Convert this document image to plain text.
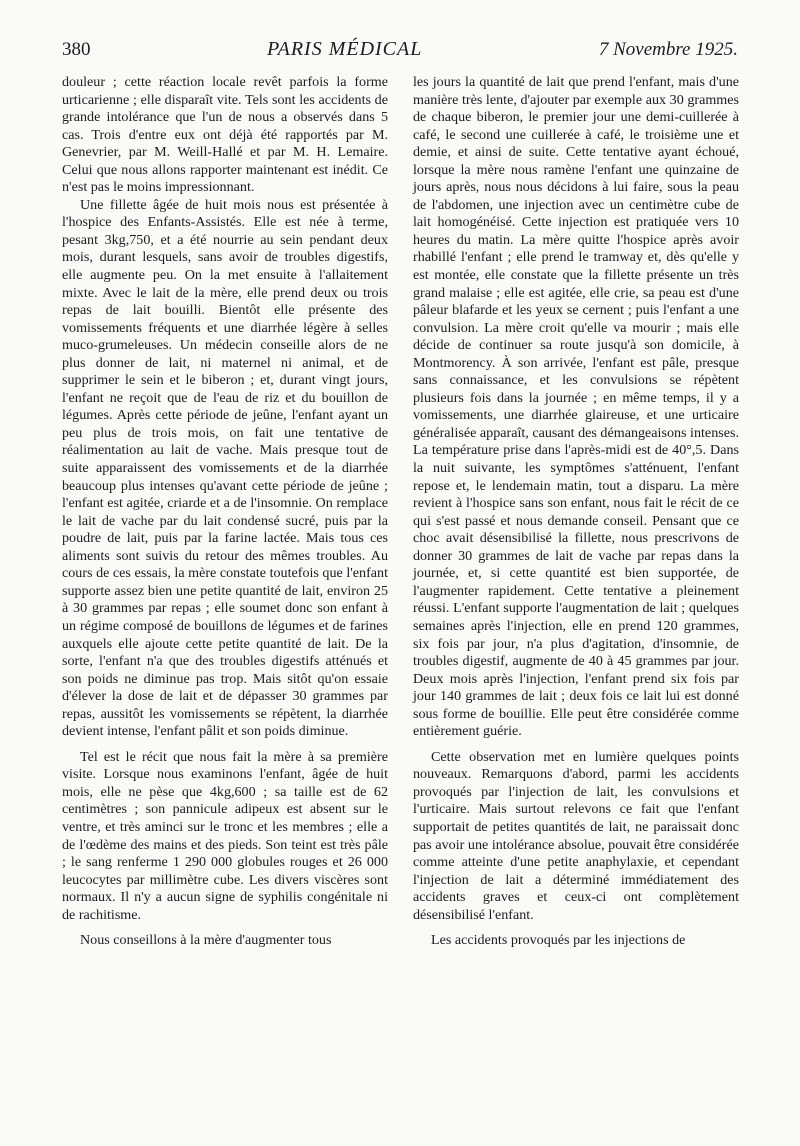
380	PARIS MÉDICAL	7 Novembre 1925.

douleur ; cette réaction locale revêt parfois la forme urticarienne ; elle disparaît vite. Tels sont les accidents de grande intolérance que l'un de nous a observés dans 5 cas. Trois d'entre eux ont déjà été rapportés par M. Genevrier, par M. Weill-Hallé et par M. H. Lemaire. Celui que nous allons rapporter maintenant est inédit. Ce n'est pas le moins impressionnant.

Une fillette âgée de huit mois nous est présentée à l'hospice des Enfants-Assistés. Elle est née à terme, pesant 3kg,750, et a été nourrie au sein pendant deux mois, durant lesquels, sans avoir de troubles digestifs, elle augmente peu. On la met ensuite à l'allaitement mixte. Avec le lait de la mère, elle prend deux ou trois repas de lait bouilli. Bientôt elle présente des vomissements fréquents et une diarrhée légère à selles muco-grumeleuses. Un médecin conseille alors de ne plus donner de lait, ni maternel ni animal, et de supprimer le sein et le biberon ; et, durant vingt jours, l'enfant ne reçoit que de l'eau de riz et du bouillon de légumes. Après cette période de jeûne, l'enfant ayant un peu plus de trois mois, on fait une tentative de réalimentation au lait de vache. Mais presque tout de suite apparaissent des vomissements et de la diarrhée beaucoup plus intenses qu'avant cette période de jeûne ; l'enfant est agitée, criarde et a de l'insomnie. On remplace le lait de vache par du lait condensé sucré, puis par la poudre de lait, puis par la farine lactée. Mais tous ces aliments sont suivis du retour des mêmes troubles. Au cours de ces essais, la mère constate toutefois que l'enfant supporte assez bien une petite quantité de lait, environ 25 à 30 grammes par repas ; elle soumet donc son enfant à un régime composé de bouillons de légumes et de farines auxquels elle ajoute cette petite quantité de lait. De la sorte, l'enfant n'a que des troubles digestifs atténués et son poids ne diminue pas trop. Mais sitôt qu'on essaie d'élever la dose de lait et de dépasser 30 grammes par repas, aussitôt les vomissements se répètent, la diarrhée devient intense, l'enfant pâlit et son poids diminue.

Tel est le récit que nous fait la mère à sa première visite. Lorsque nous examinons l'enfant, âgée de huit mois, elle ne pèse que 4kg,600 ; sa taille est de 62 centimètres ; son pannicule adipeux est absent sur le ventre, et très aminci sur le tronc et les membres ; elle a de l'œdème des mains et des pieds. Son teint est très pâle ; le sang renferme 1 290 000 globules rouges et 26 000 leucocytes par millimètre cube. Les divers viscères sont normaux. Il n'y a aucun signe de syphilis congénitale ni de rachitisme.

Nous conseillons à la mère d'augmenter tous

les jours la quantité de lait que prend l'enfant, mais d'une manière très lente, d'ajouter par exemple aux 30 grammes de chaque biberon, le premier jour une demi-cuillerée à café, le second une cuillerée à café, le troisième une et demie, et ainsi de suite. Cette tentative ayant échoué, lorsque la mère nous ramène l'enfant une quinzaine de jours après, nous nous décidons à lui faire, sous la peau de l'abdomen, une injection avec un centimètre cube de lait homogénéisé. Cette injection est pratiquée vers 10 heures du matin. La mère quitte l'hospice après avoir rhabillé l'enfant ; elle prend le tramway et, dès qu'elle y est montée, elle constate que la fillette présente un très grand malaise ; elle est agitée, elle crie, sa peau est d'une pâleur blafarde et les yeux se cernent ; puis l'enfant a une convulsion. La mère croit qu'elle va mourir ; mais elle décide de continuer sa route jusqu'à son domicile, à Montmorency. À son arrivée, l'enfant est pâle, presque sans connaissance, et les convulsions se répètent plusieurs fois dans la journée ; en même temps, il y a vomissements, une diarrhée glaireuse, et une urticaire généralisée apparaît, causant des démangeaisons intenses. La température prise dans l'après-midi est de 40°,5. Dans la nuit suivante, les symptômes s'atténuent, l'enfant repose et, le lendemain matin, tout a disparu. La mère revient à l'hospice sans son enfant, nous fait le récit de ce qui s'est passé et nous demande conseil. Pensant que ce choc avait désensibilisé la fillette, nous prescrivons de donner 30 grammes de lait de vache par repas dans la journée, et, si cette quantité est bien supportée, de l'augmenter rapidement. Cette tentative a pleinement réussi. L'enfant supporte l'augmentation de lait ; quelques semaines après l'injection, elle en prend 120 grammes, six fois par jour, n'a plus d'agitation, d'insomnie, de troubles digestif, augmente de 40 à 45 grammes par jour. Deux mois après l'injection, l'enfant prend six fois par jour 140 grammes de lait ; deux fois ce lait lui est donné sous forme de bouillie. Elle peut être considérée comme entièrement guérie.

Cette observation met en lumière quelques points nouveaux. Remarquons d'abord, parmi les accidents provoqués par l'injection de lait, les convulsions et l'urticaire. Mais surtout relevons ce fait que l'enfant supportait de petites quantités de lait, ne paraissait donc pas avoir une intolérance absolue, pouvait être considérée comme atteinte d'une petite anaphylaxie, et cependant l'injection de lait a déterminé immédiatement des accidents graves et ceux-ci ont complètement désensibilisé l'enfant.

Les accidents provoqués par les injections de
